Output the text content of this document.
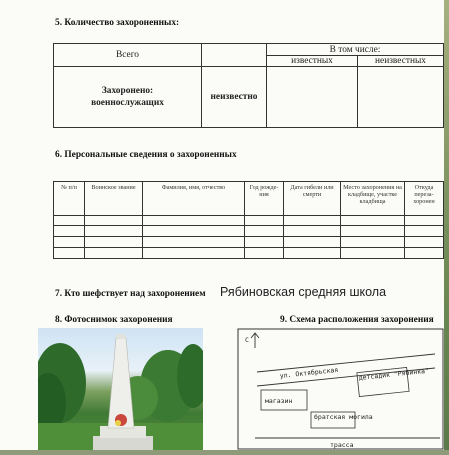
5. Количество захороненных:
Всего		В том числе:	
		известных	неизвестных
Захоронено: военнослужащих	неизвестно		
6. Персональные сведения о захороненных
№ п/п	Воинское звание	Фамилия, имя, отчество	Год рожде-ния	Дата гибели или смерти	Место захоронения на кладбище, участке кладбища	Откуда переза-хоронен

7. Кто шефствует над захоронением Рябиновская средняя школа
8. Фотоснимок захоронения	9. Схема расположения захоронения
С
ул. Октябрьская	детсадик "Рябинка"
магазин
братская могила
трасса
